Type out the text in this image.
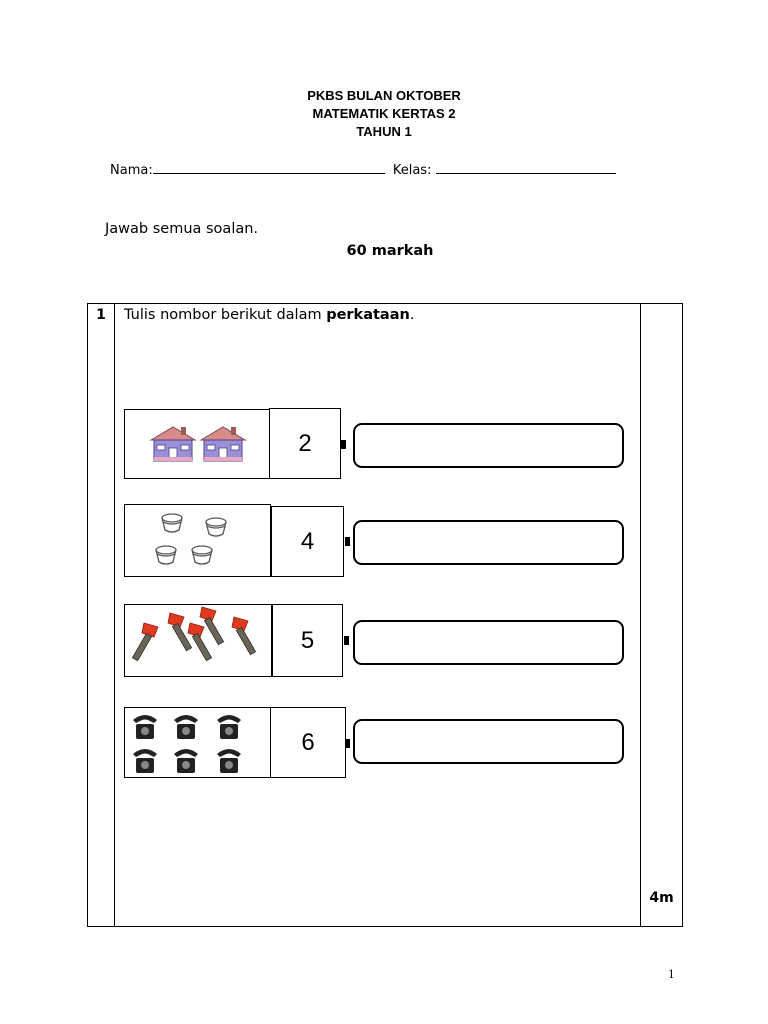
PKBS BULAN OKTOBER
MATEMATIK KERTAS 2
TAHUN 1
Nama:	Kelas:
Jawab semua soalan.
60 markah
1	Tulis nombor berikut dalam perkataan.
4m
2
4
5
6
1
